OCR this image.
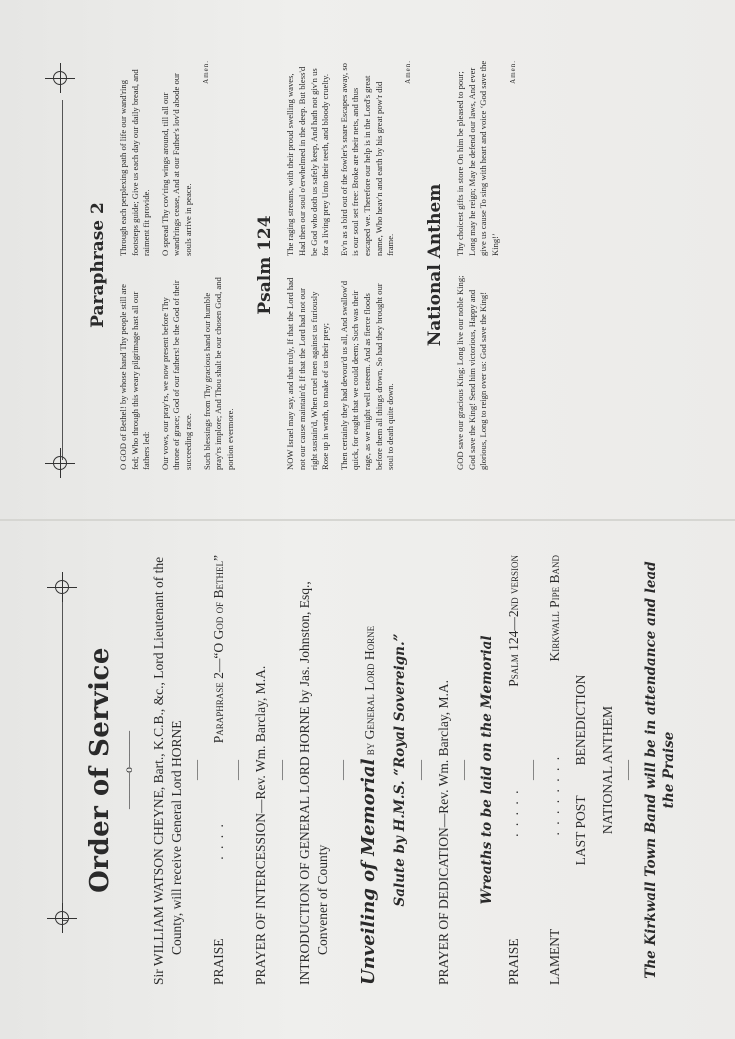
Order of Service ———o——— Sir WILLIAM WATSON CHEYNE, Bart., K.C.B., &c., Lord Lieutenant of the County, will receive General Lord HORNE ——
PRAISE
. . . .
Paraphrase 2—“O God of Bethel”
—— PRAYER OF INTERCESSION—Rev. Wm. Barclay, M.A. —— INTRODUCTION OF GENERAL LORD HORNE by Jas. Johnston, Esq., Convener of County

—— Unveiling of Memorial by General Lord Horne	Salute by H.M.S. “Royal Sovereign.” —— PRAYER OF DEDICATION—Rev. Wm. Barclay, M.A. —— Wreaths to be laid on the Memorial

PRAISE
. . . . .
Psalm 124—2nd version
——
LAMENT
. . . . . . . .
Kirkwall Pipe Band
LAST POST
BENEDICTION NATIONAL ANTHEM —— The Kirkwall Town Band will be in attendance and lead the Praise

Paraphrase 2

O GOD of Bethel! by whose hand Thy people still are fed; Who through this weary pilgrimage hast all our fathers led: Our vows, our pray'rs, we now present before Thy throne of grace; God of our fathers! be the God of their succeeding race. Such blessings from Thy gracious hand our humble pray'rs implore; And Thou shalt be our chosen God, and portion evermore.

Through each perplexing path of life our wand'ring footsteps guide; Give us each day our daily bread, and raiment fit provide. O spread Thy cov'ring wings around, till all our wand'rings cease, And at our Father's lov'd abode our souls arrive in peace.

Amen.
Psalm 124

NOW Israel may say, and that truly, If that the Lord had not our cause maintain'd; If that the Lord had not our right sustain'd, When cruel men against us furiously Rose up in wrath, to make of us their prey; Then certainly they had devour'd us all, And swallow'd quick, for ought that we could deem; Such was their rage, as we might well esteem. And as fierce floods before them all things drown, So had they brought our soul to death quite down.

The raging streams, with their proud swelling waves, Had then our soul o'erwhelmed in the deep. But bless'd be God who doth us safely keep, And hath not giv'n us for a living prey Unto their teeth, and bloody cruelty. Ev'n as a bird out of the fowler's snare Escapes away, so is our soul set free: Broke are their nets, and thus escaped we. Therefore our help is in the Lord's great name, Who heav'n and earth by his great pow'r did frame.

Amen.
National Anthem

GOD save our gracious King; Long live our noble King; God save the King! Send him victorious, Happy and glorious, Long to reign over us: God save the King!

Thy choicest gifts in store On him be pleased to pour; Long may he reign; May he defend our laws, And ever give us cause To sing with heart and voice ‘God save the King!’

Amen.
